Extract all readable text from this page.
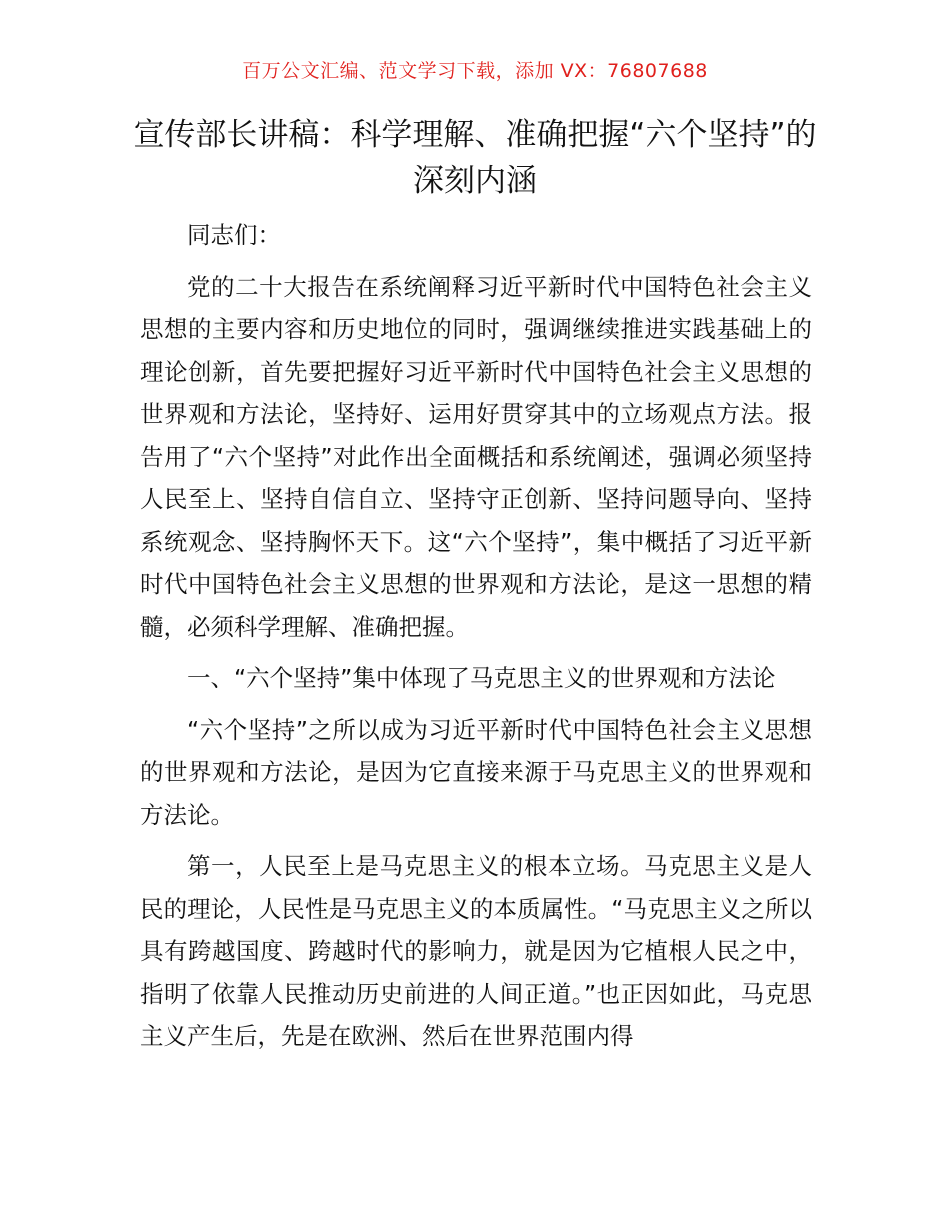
百万公文汇编、范文学习下载，添加 VX：76807688
宣传部长讲稿：科学理解、准确把握“六个坚持”的深刻内涵

同志们：

党的二十大报告在系统阐释习近平新时代中国特色社会主义思想的主要内容和历史地位的同时，强调继续推进实践基础上的理论创新，首先要把握好习近平新时代中国特色社会主义思想的世界观和方法论，坚持好、运用好贯穿其中的立场观点方法。报告用了“六个坚持”对此作出全面概括和系统阐述，强调必须坚持人民至上、坚持自信自立、坚持守正创新、坚持问题导向、坚持系统观念、坚持胸怀天下。这“六个坚持”，集中概括了习近平新时代中国特色社会主义思想的世界观和方法论，是这一思想的精髓，必须科学理解、准确把握。

一、“六个坚持”集中体现了马克思主义的世界观和方法论

“六个坚持”之所以成为习近平新时代中国特色社会主义思想的世界观和方法论，是因为它直接来源于马克思主义的世界观和方法论。

第一，人民至上是马克思主义的根本立场。马克思主义是人民的理论，人民性是马克思主义的本质属性。“马克思主义之所以具有跨越国度、跨越时代的影响力，就是因为它植根人民之中，指明了依靠人民推动历史前进的人间正道。”也正因如此，马克思主义产生后，先是在欧洲、然后在世界范围内得
